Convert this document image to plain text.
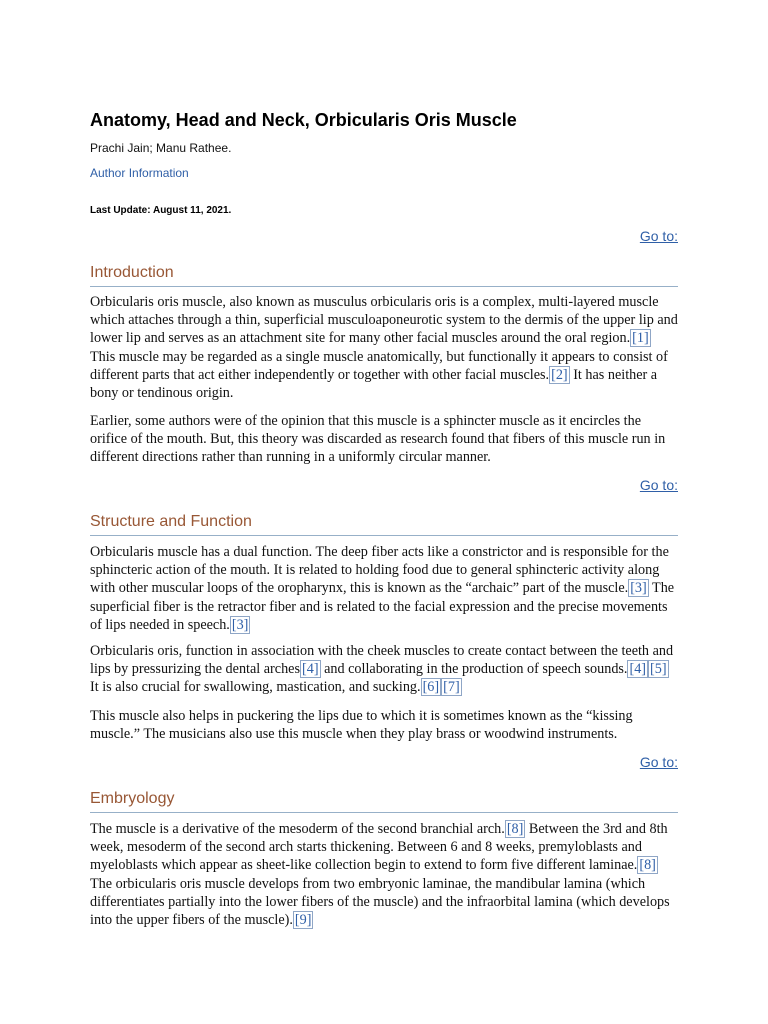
Anatomy, Head and Neck, Orbicularis Oris Muscle
Prachi Jain; Manu Rathee.
Author Information
Last Update: August 11, 2021.
Go to:
Introduction

Orbicularis oris muscle, also known as musculus orbicularis oris is a complex, multi-layered muscle which attaches through a thin, superficial musculoaponeurotic system to the dermis of the upper lip and lower lip and serves as an attachment site for many other facial muscles around the oral region. [1] This muscle may be regarded as a single muscle anatomically, but functionally it appears to consist of different parts that act either independently or together with other facial muscles. [2] It has neither a bony or tendinous origin.

Earlier, some authors were of the opinion that this muscle is a sphincter muscle as it encircles the orifice of the mouth. But, this theory was discarded as research found that fibers of this muscle run in different directions rather than running in a uniformly circular manner.

Go to:
Structure and Function

Orbicularis muscle has a dual function. The deep fiber acts like a constrictor and is responsible for the sphincteric action of the mouth. It is related to holding food due to general sphincteric activity along with other muscular loops of the oropharynx, this is known as the “archaic” part of the muscle. [3] The superficial fiber is the retractor fiber and is related to the facial expression and the precise movements of lips needed in speech. [3]

Orbicularis oris, function in association with the cheek muscles to create contact between the teeth and lips by pressurizing the dental arches [4] and collaborating in the production of speech sounds. [4] [5] It is also crucial for swallowing, mastication, and sucking. [6] [7]

This muscle also helps in puckering the lips due to which it is sometimes known as the “kissing muscle.” The musicians also use this muscle when they play brass or woodwind instruments.

Go to:
Embryology

The muscle is a derivative of the mesoderm of the second branchial arch. [8] Between the 3rd and 8th week, mesoderm of the second arch starts thickening. Between 6 and 8 weeks, premyloblasts and myeloblasts which appear as sheet-like collection begin to extend to form five different laminae. [8] The orbicularis oris muscle develops from two embryonic laminae, the mandibular lamina (which differentiates partially into the lower fibers of the muscle) and the infraorbital lamina (which develops into the upper fibers of the muscle). [9]
